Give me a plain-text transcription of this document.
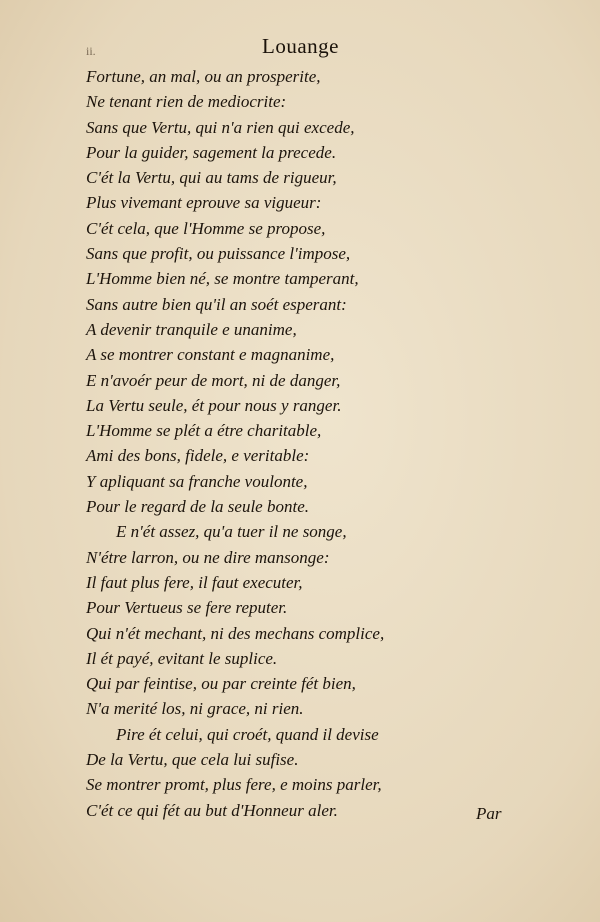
ii.	Louange
Fortune, an mal, ou an prosperite,
Ne tenant rien de mediocrite:
Sans que Vertu, qui n'a rien qui excede,
Pour la guider, sagement la precede.
C'ét la Vertu, qui au tams de rigueur,
Plus vivemant eprouve sa vigueur:
C'ét cela, que l'Homme se propose,
Sans que profit, ou puissance l'impose,
L'Homme bien né, se montre tamperant,
Sans autre bien qu'il an soét esperant:
A devenir tranquile e unanime,
A se montrer constant e magnanime,
E n'avoér peur de mort, ni de danger,
La Vertu seule, ét pour nous y ranger.
L'Homme se plét a étre charitable,
Ami des bons, fidele, e veritable:
Y apliquant sa franche voulonte,
Pour le regard de la seule bonte.
E n'ét assez, qu'a tuer il ne songe,
N'étre larron, ou ne dire mansonge:
Il faut plus fere, il faut executer,
Pour Vertueus se fere reputer.
Qui n'ét mechant, ni des mechans complice,
Il ét payé, evitant le suplice.
Qui par feintise, ou par creinte fét bien,
N'a merité los, ni grace, ni rien.
Pire ét celui, qui croét, quand il devise
De la Vertu, que cela lui sufise.
Se montrer promt, plus fere, e moins parler,
C'ét ce qui fét au but d'Honneur aler.	Par
